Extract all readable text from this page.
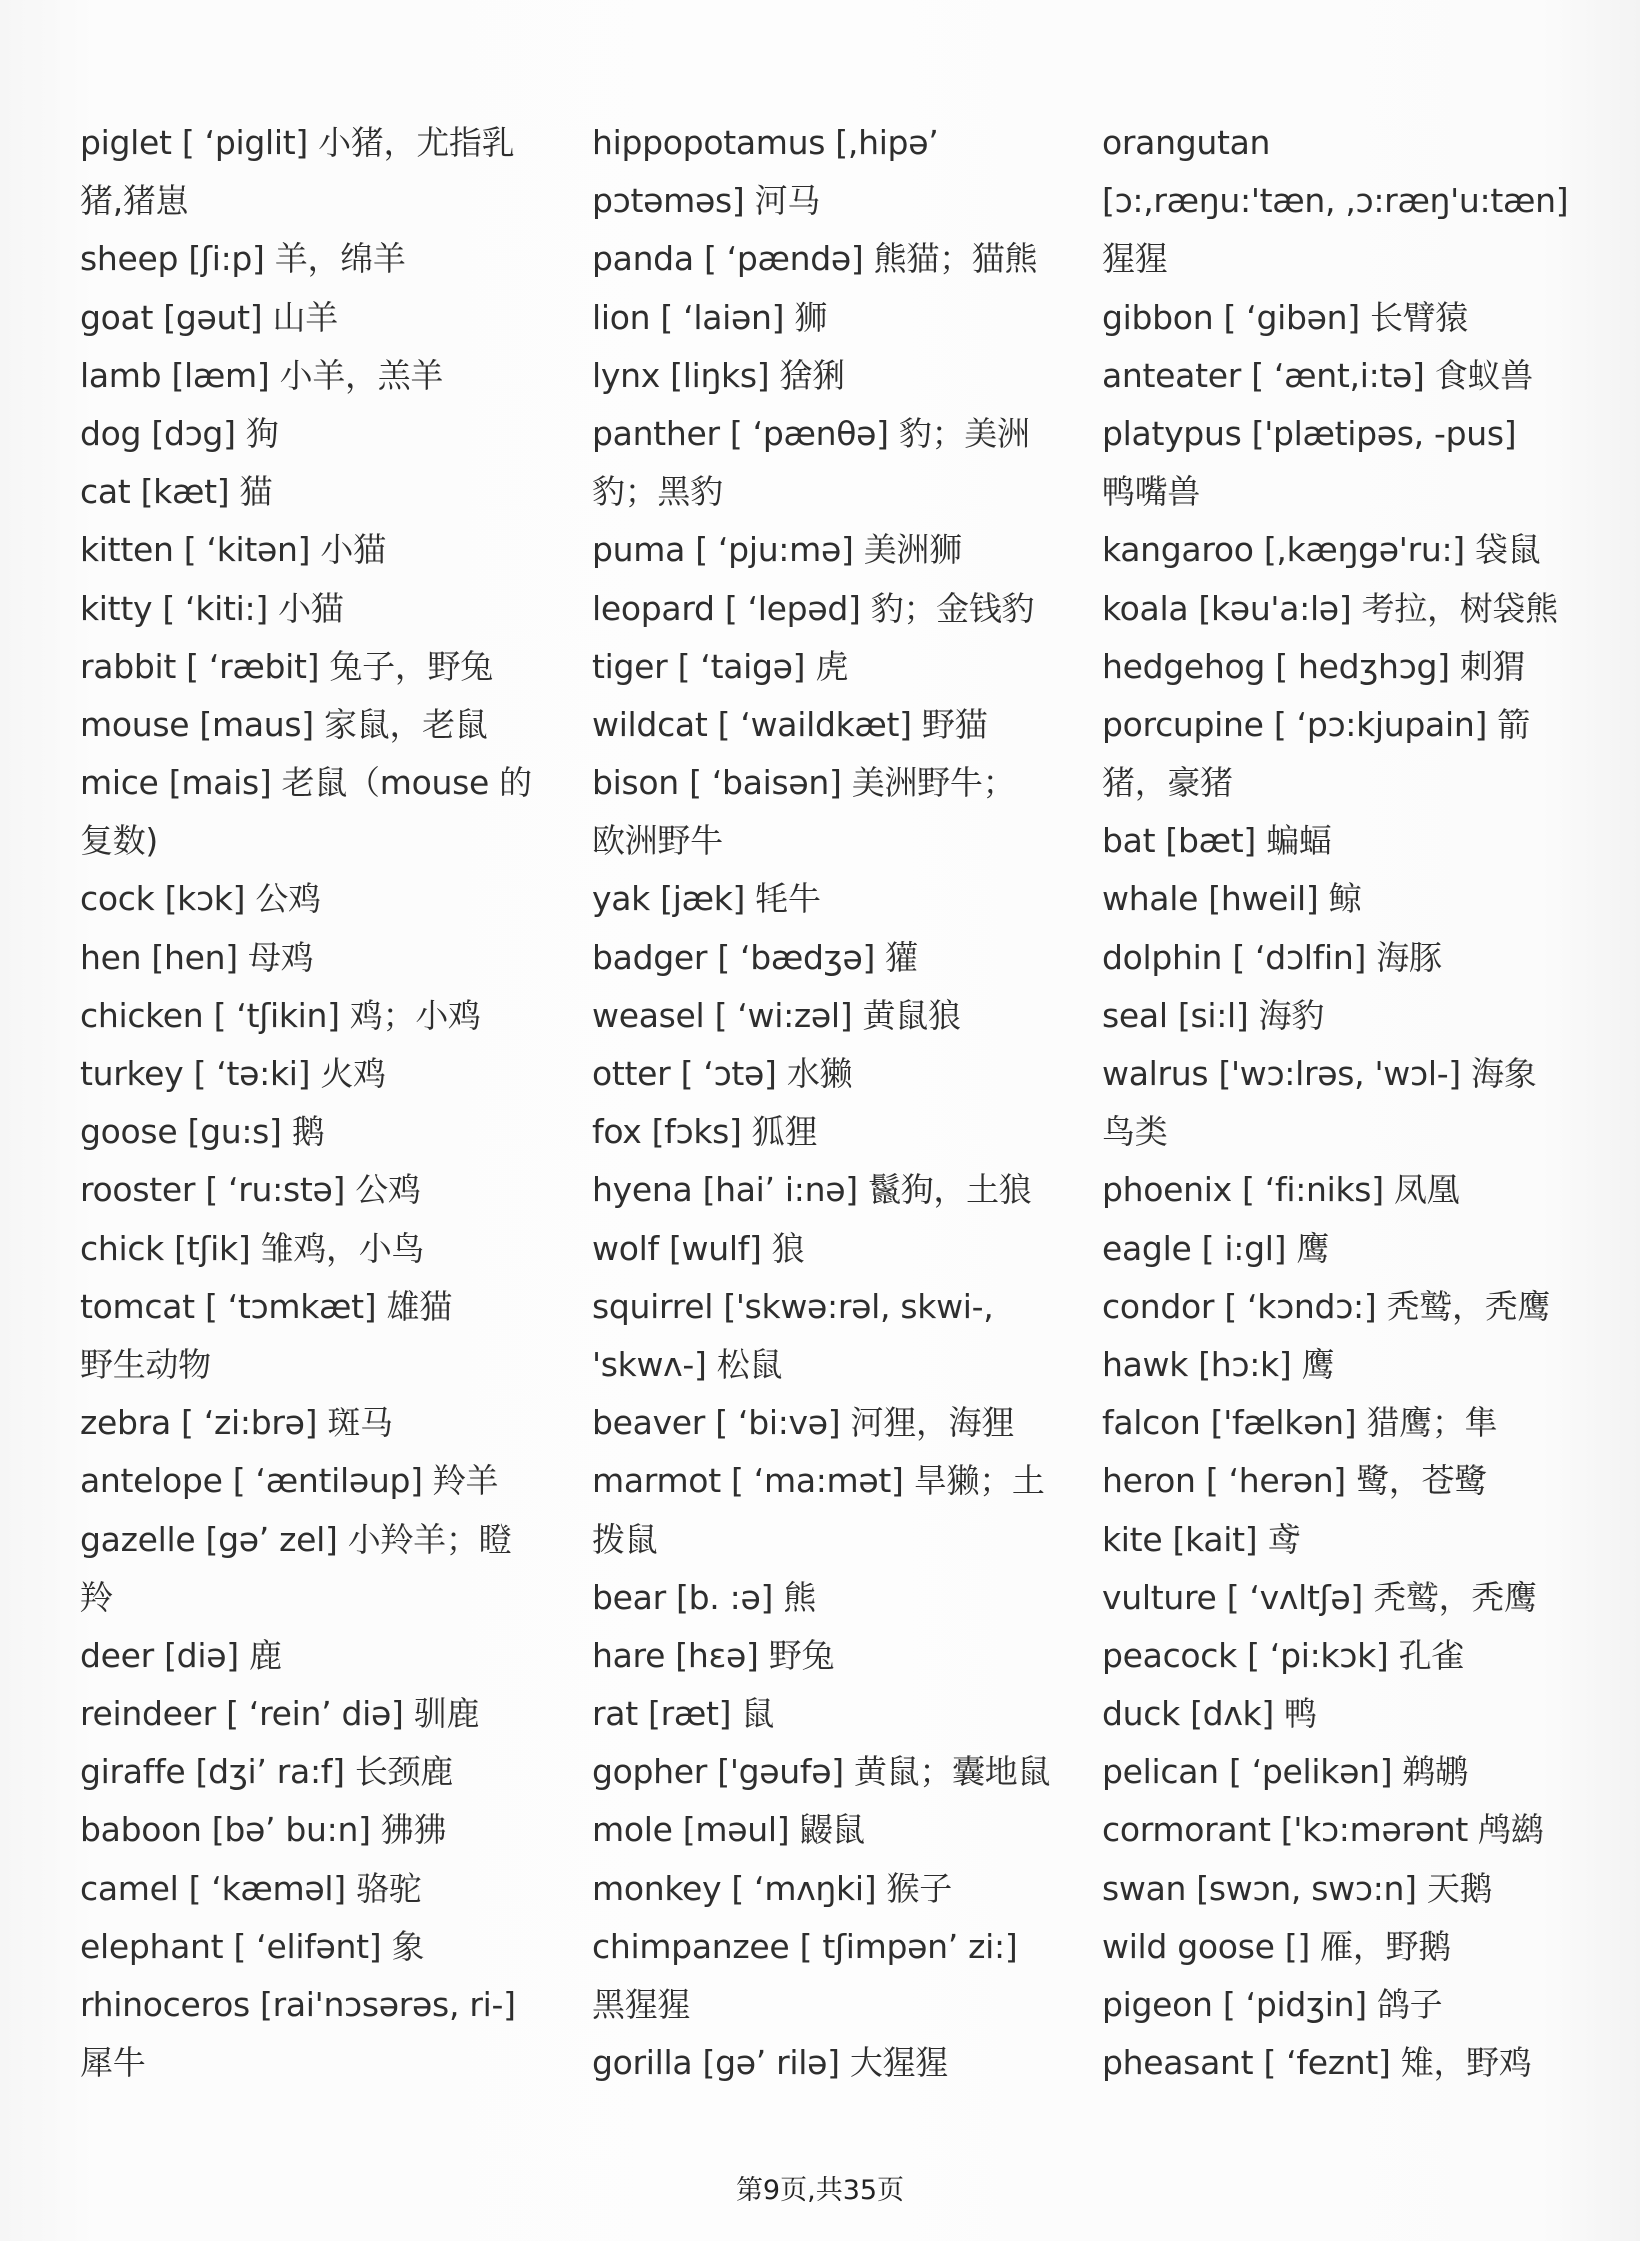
piglet [ ‘piglit] 小猪，尤指乳
猪,猪崽
sheep [ʃi:p] 羊，绵羊
goat [gəut] 山羊
lamb [læm] 小羊，羔羊
dog [dɔg] 狗
cat [kæt] 猫
kitten [ ‘kitən] 小猫
kitty [ ‘kiti:] 小猫
rabbit [ ‘ræbit] 兔子，野兔
mouse [maus] 家鼠，老鼠
mice [mais] 老鼠（mouse 的
复数)
cock [kɔk] 公鸡
hen [hen] 母鸡
chicken [ ‘tʃikin] 鸡；小鸡
turkey [ ‘tə:ki] 火鸡
goose [gu:s] 鹅
rooster [ ‘ru:stə] 公鸡
chick [tʃik] 雏鸡，小鸟
tomcat [ ‘tɔmkæt] 雄猫
野生动物
zebra [ ‘zi:brə] 斑马
antelope [ ‘æntiləup] 羚羊
gazelle [gə’ zel] 小羚羊；瞪
羚
deer [diə] 鹿
reindeer [ ‘rein’ diə] 驯鹿
giraffe [dʒi’ ra:f] 长颈鹿
baboon [bə’ bu:n] 狒狒
camel [ ‘kæməl] 骆驼
elephant [ ‘elifənt] 象
rhinoceros [rai'nɔsərəs, ri-]
犀牛
hippopotamus [,hipə’
pɔtəməs] 河马
panda [ ‘pændə] 熊猫；猫熊
lion [ ‘laiən] 狮
lynx [liŋks] 猞猁
panther [ ‘pænθə] 豹；美洲
豹；黑豹
puma [ ‘pju:mə] 美洲狮
leopard [ ‘lepəd] 豹；金钱豹
tiger [ ‘taigə] 虎
wildcat [ ‘waildkæt] 野猫
bison [ ‘baisən] 美洲野牛；
欧洲野牛
yak [jæk] 牦牛
badger [ ‘bædʒə] 獾
weasel [ ‘wi:zəl] 黄鼠狼
otter [ ‘ɔtə] 水獭
fox [fɔks] 狐狸
hyena [hai’ i:nə] 鬣狗，土狼
wolf [wulf] 狼
squirrel ['skwə:rəl, skwi-,
'skwʌ-] 松鼠
beaver [ ‘bi:və] 河狸，海狸
marmot [ ‘ma:mət] 旱獭；土
拨鼠
bear [b. :ə] 熊
hare [hεə] 野兔
rat [ræt] 鼠
gopher ['gəufə] 黄鼠；囊地鼠
mole [məul] 鼹鼠
monkey [ ‘mʌŋki] 猴子
chimpanzee [ tʃimpən’ zi:]
黑猩猩
gorilla [gə’ rilə] 大猩猩
orangutan
[ɔ:,ræŋu:'tæn, ,ɔ:ræŋ'u:tæn]
猩猩
gibbon [ ‘gibən] 长臂猿
anteater [ ‘ænt,i:tə] 食蚁兽
platypus ['plætipəs, -pus]
鸭嘴兽
kangaroo [,kæŋgə'ru:] 袋鼠
koala [kəu'a:lə] 考拉，树袋熊
hedgehog [ hedʒhɔg] 刺猬
porcupine [ ‘pɔ:kjupain] 箭
猪，豪猪
bat [bæt] 蝙蝠
whale [hweil] 鲸
dolphin [ ‘dɔlfin] 海豚
seal [si:l] 海豹
walrus ['wɔ:lrəs, 'wɔl-] 海象
鸟类
phoenix [ ‘fi:niks] 凤凰
eagle [ i:gl] 鹰
condor [ ‘kɔndɔ:] 秃鹫，秃鹰
hawk [hɔ:k] 鹰
falcon ['fælkən] 猎鹰；隼
heron [ ‘herən] 鹭，苍鹭
kite [kait] 鸢
vulture [ ‘vʌltʃə] 秃鹫，秃鹰
peacock [ ‘pi:kɔk] 孔雀
duck [dʌk] 鸭
pelican [ ‘pelikən] 鹈鹕
cormorant ['kɔ:mərənt 鸬鹚
swan [swɔn, swɔ:n] 天鹅
wild goose [] 雁，野鹅
pigeon [ ‘pidʒin] 鸽子
pheasant [ ‘feznt] 雉，野鸡
第9页,共35页
